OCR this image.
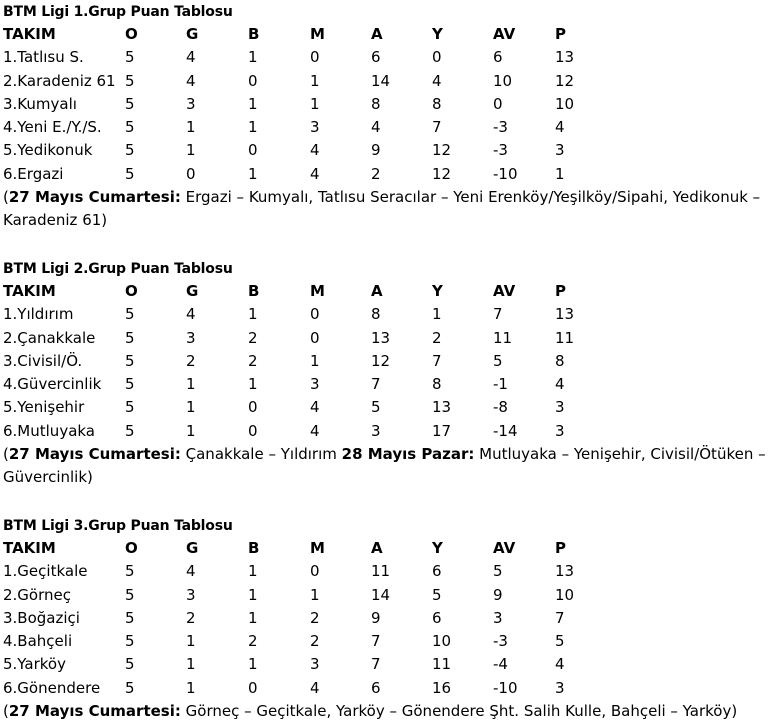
BTM Ligi 1.Grup Puan Tablosu
TAKIM	O	G	B	M	A	Y	AV	P
1.Tatlısu S.	5	4	1	0	6	0	6	13
2.Karadeniz 61 5	4	0	1	14	4	10	12
3.Kumyalı	5	3	1	1	8	8	0	10
4.Yeni E./Y./S. 5	1	1	3	4	7	-3	4
5.Yedikonuk 5	1	0	4	9	12	-3	3
6.Ergazi	5	0	1	4	2	12	-10	1
(27 Mayıs Cumartesi: Ergazi – Kumyalı, Tatlısu Seracılar – Yeni Erenköy/Yeşilköy/Sipahi, Yedikonuk – Karadeniz 61)
BTM Ligi 2.Grup Puan Tablosu
TAKIM	O	G	B	M	A	Y	AV	P
1.Yıldırım	5	4	1	0	8	1	7	13
2.Çanakkale 5	3	2	0	13	2	11	11
3.Civisil/Ö.	5	2	2	1	12	7	5	8
4.Güvercinlik 5	1	1	3	7	8	-1	4
5.Yenişehir	5	1	0	4	5	13	-8	3
6.Mutluyaka 5	1	0	4	3	17	-14	3
(27 Mayıs Cumartesi: Çanakkale – Yıldırım 28 Mayıs Pazar: Mutluyaka – Yenişehir, Civisil/Ötüken – Güvercinlik)
BTM Ligi 3.Grup Puan Tablosu
TAKIM	O	G	B	M	A	Y	AV	P
1.Geçitkale	5	4	1	0	11	6	5	13
2.Görneç	5	3	1	1	14	5	9	10
3.Boğaziçi	5	2	1	2	9	6	3	7
4.Bahçeli	5	1	2	2	7	10	-3	5
5.Yarköy	5	1	1	3	7	11	-4	4
6.Gönendere 5	1	0	4	6	16	-10	3
(27 Mayıs Cumartesi: Görneç – Geçitkale, Yarköy – Gönendere Şht. Salih Kulle, Bahçeli – Yarköy)
